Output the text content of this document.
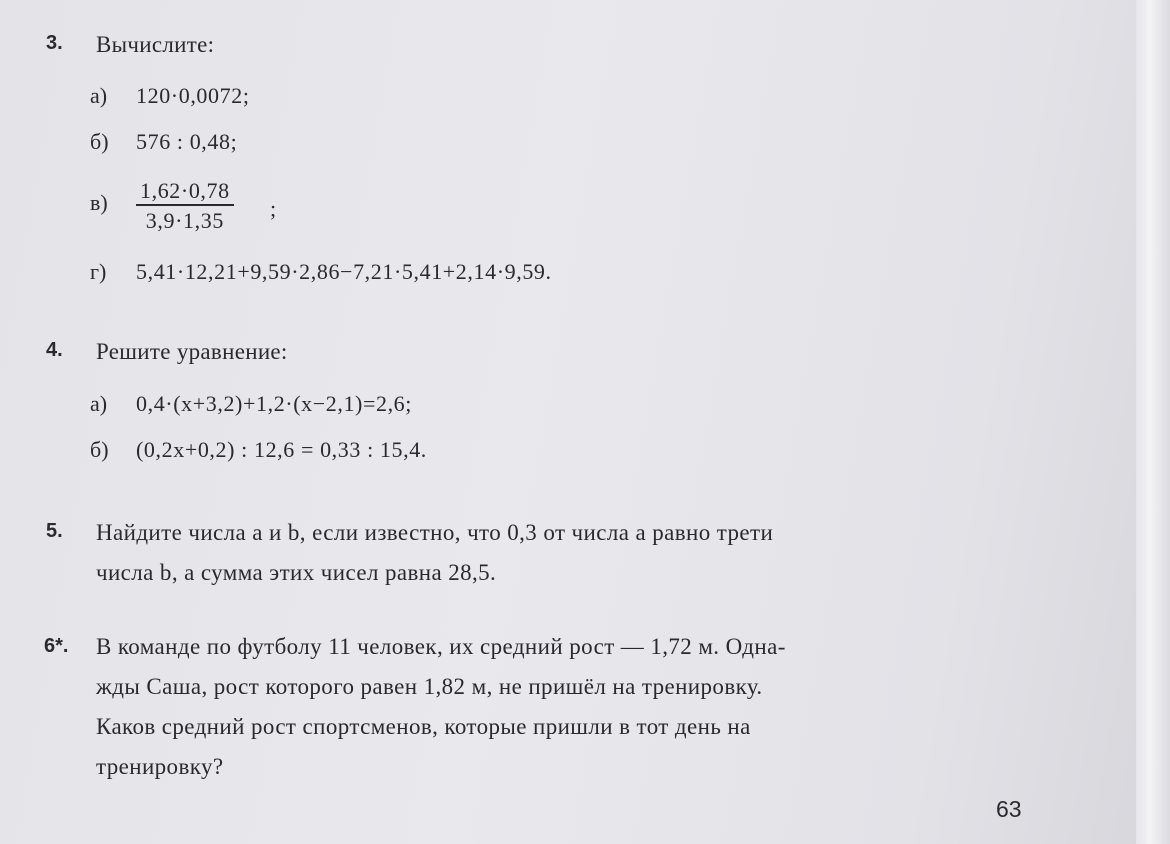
3. Вычислите:
а) 120·0,0072;
б) 576 : 0,48;
$в) \frac{1,62\cdot 0,78}{3,9\cdot 1,35}$ ;
г) 5,41·12,21+9,59·2,86−7,21·5,41+2,14·9,59.
4. Решите уравнение:
а) 0,4·(x+3,2)+1,2·(x−2,1)=2,6;
б) (0,2x+0,2) : 12,6 = 0,33 : 15,4.
5. Найдите числа a и b, если известно, что 0,3 от числа a равно трети
числа b, а сумма этих чисел равна 28,5.
6*. В команде по футболу 11 человек, их средний рост — 1,72 м. Одна-
жды Саша, рост которого равен 1,82 м, не пришёл на тренировку.
Каков средний рост спортсменов, которые пришли в тот день на
тренировку?
63
